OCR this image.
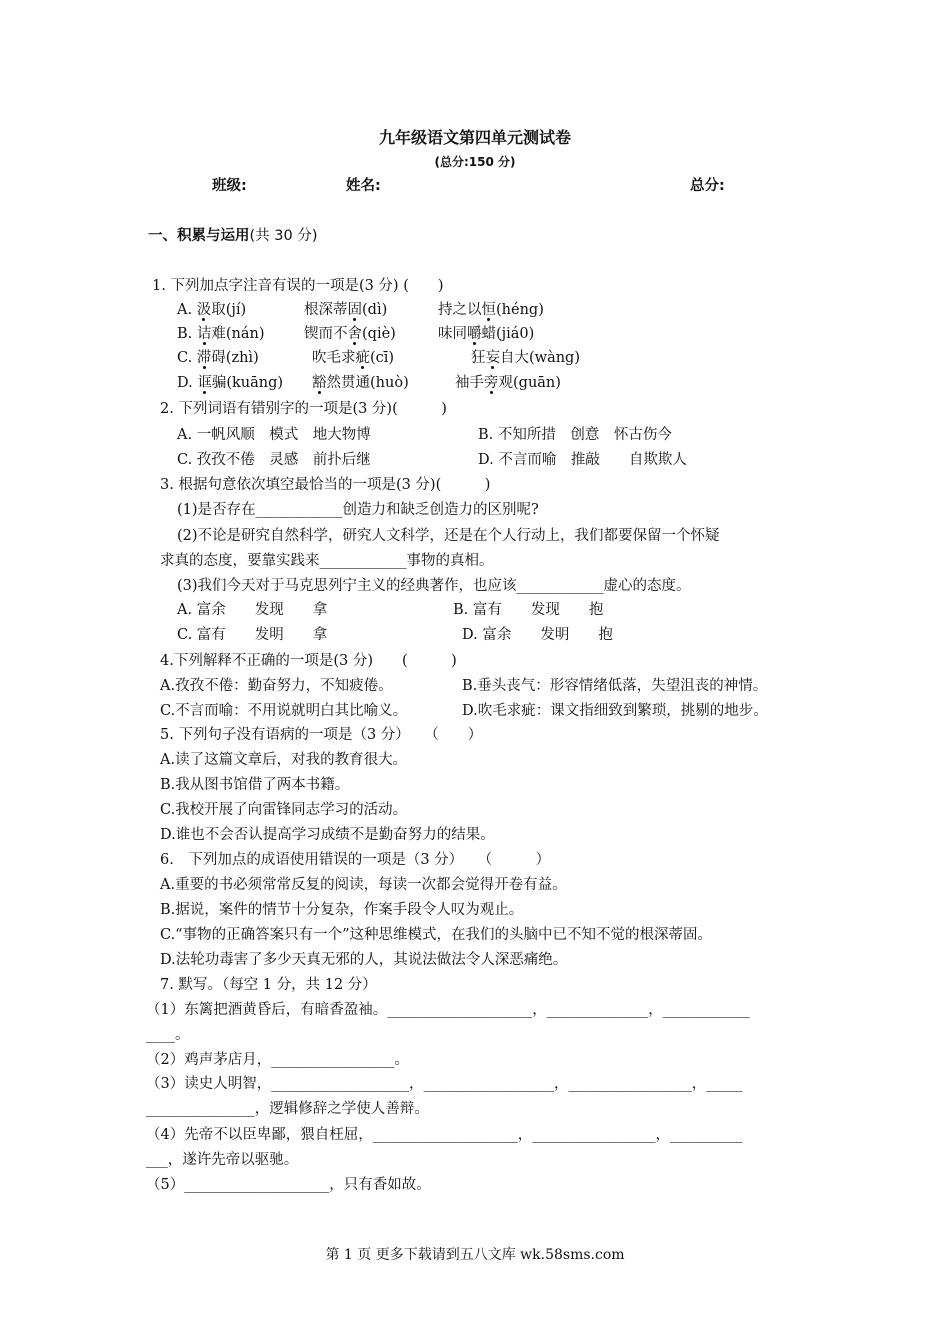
九年级语文第四单元测试卷
(总分:150 分)
班级:	姓名:	总分:
一、积累与运用(共 30 分)
1. 下列加点字注音有误的一项是(3 分) (　　)
A. 汲取(jí)	根深蒂固(dì)	持之以恒(héng)
B. 诘难(nán)	锲而不舍(qiè)	味同嚼蜡(jiá0)
C. 滞碍(zhì)	吹毛求疵(cī)	狂妄自大(wàng)
D. 诓骗(kuāng) 豁然贯通(huò)	袖手旁观(guān)
2. 下列词语有错别字的一项是(3 分)(　　　)
A. 一帆风顺　模式　地大物博	B. 不知所措　创意　怀古伤今
C. 孜孜不倦　灵感　前扑后继	D. 不言而喻　推敲　　自欺欺人
3. 根据句意依次填空最恰当的一项是(3 分)(　　　)
(1)是否存在____________创造力和缺乏创造力的区别呢?
(2)不论是研究自然科学，研究人文科学，还是在个人行动上，我们都要保留一个怀疑
求真的态度，要靠实践来____________事物的真相。
(3)我们今天对于马克思列宁主义的经典著作，也应该____________虚心的态度。
A. 富余　　发现　　拿	B. 富有　　发现　　抱
C. 富有　　发明　　拿	D. 富余　　发明　　抱
4.下列解释不正确的一项是(3 分)　　(　　　)
A.孜孜不倦：勤奋努力，不知疲倦。	B.垂头丧气：形容情绪低落，失望沮丧的神情。
C.不言而喻：不用说就明白其比喻义。	D.吹毛求疵：课文指细致到繁琐，挑剔的地步。
5. 下列句子没有语病的一项是（3 分）　　（　　）
A.读了这篇文章后，对我的教育很大。
B.我从图书馆借了两本书籍。
C.我校开展了向雷锋同志学习的活动。
D.谁也不会否认提高学习成绩不是勤奋努力的结果。
6.　下列加点的成语使用错误的一项是（3 分）　　（　　　）
A.重要的书必须常常反复的阅读，每读一次都会觉得开卷有益。
B.据说，案件的情节十分复杂，作案手段令人叹为观止。
C.“事物的正确答案只有一个”这种思维模式，在我们的头脑中已不知不觉的根深蒂固。
D.法轮功毒害了多少天真无邪的人，其说法做法令人深恶痛绝。
7. 默写。（每空 1 分，共 12 分）
（1）东篱把酒黄昏后，有暗香盈袖。____________________，______________，____________
____。
（2）鸡声茅店月，_________________。
（3）读史人明智，___________________，__________________，_________________，_____
_______________，逻辑修辞之学使人善辩。
（4）先帝不以臣卑鄙，猥自枉屈，____________________，_________________，__________
___，遂许先帝以驱驰。
（5）____________________，只有香如故。
第 1 页 更多下载请到五八文库 wk.58sms.com
